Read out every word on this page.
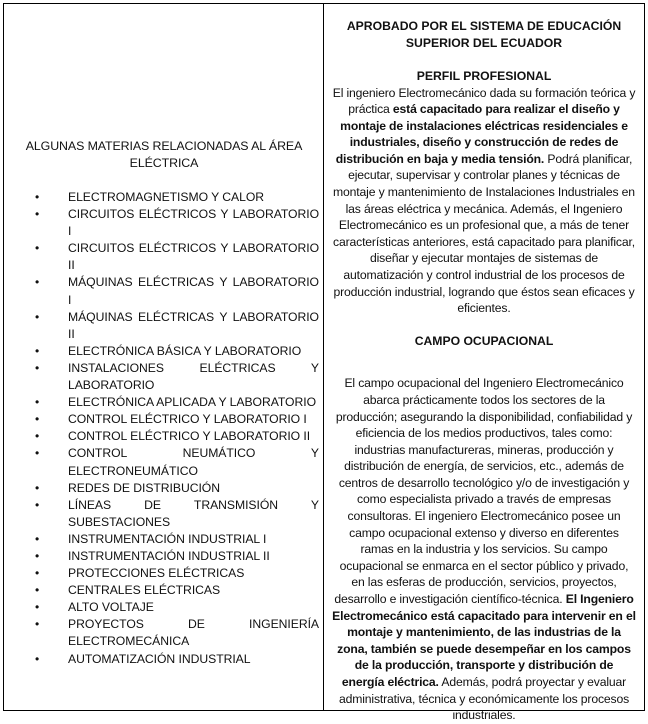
ALGUNAS MATERIAS RELACIONADAS AL ÁREA
ELÉCTRICA
• ELECTROMAGNETISMO Y CALOR
• CIRCUITOS ELÉCTRICOS Y LABORATORIO I
• CIRCUITOS ELÉCTRICOS Y LABORATORIO II
• MÁQUINAS ELÉCTRICAS Y LABORATORIO I
• MÁQUINAS ELÉCTRICAS Y LABORATORIO II
• ELECTRÓNICA BÁSICA Y LABORATORIO
• INSTALACIONES ELÉCTRICAS Y LABORATORIO
• ELECTRÓNICA APLICADA Y LABORATORIO
• CONTROL ELÉCTRICO Y LABORATORIO I
• CONTROL ELÉCTRICO Y LABORATORIO II
• CONTROL NEUMÁTICO Y ELECTRONEUMÁTICO
• REDES DE DISTRIBUCIÓN
• LÍNEAS DE TRANSMISIÓN Y SUBESTACIONES
• INSTRUMENTACIÓN INDUSTRIAL I
• INSTRUMENTACIÓN INDUSTRIAL II
• PROTECCIONES ELÉCTRICAS
• CENTRALES ELÉCTRICAS
• ALTO VOLTAJE
• PROYECTOS DE INGENIERÍA ELECTROMECÁNICA
• AUTOMATIZACIÓN INDUSTRIAL
APROBADO POR EL SISTEMA DE EDUCACIÓN
SUPERIOR DEL ECUADOR
PERFIL PROFESIONAL

El ingeniero Electromecánico dada su formación teórica y práctica está capacitado para realizar el diseño y montaje de instalaciones eléctricas residenciales e industriales, diseño y construcción de redes de distribución en baja y media tensión. Podrá planificar, ejecutar, supervisar y controlar planes y técnicas de montaje y mantenimiento de Instalaciones Industriales en las áreas eléctrica y mecánica. Además, el Ingeniero Electromecánico es un profesional que, a más de tener características anteriores, está capacitado para planificar, diseñar y ejecutar montajes de sistemas de automatización y control industrial de los procesos de producción industrial, logrando que éstos sean eficaces y eficientes.

CAMPO OCUPACIONAL

El campo ocupacional del Ingeniero Electromecánico abarca prácticamente todos los sectores de la producción; asegurando la disponibilidad, confiabilidad y eficiencia de los medios productivos, tales como: industrias manufactureras, mineras, producción y distribución de energía, de servicios, etc., además de centros de desarrollo tecnológico y/o de investigación y como especialista privado a través de empresas consultoras. El ingeniero Electromecánico posee un campo ocupacional extenso y diverso en diferentes ramas en la industria y los servicios. Su campo ocupacional se enmarca en el sector público y privado, en las esferas de producción, servicios, proyectos, desarrollo e investigación científico-técnica. El Ingeniero Electromecánico está capacitado para intervenir en el montaje y mantenimiento, de las industrias de la zona, también se puede desempeñar en los campos de la producción, transporte y distribución de energía eléctrica. Además, podrá proyectar y evaluar administrativa, técnica y económicamente los procesos industriales.
